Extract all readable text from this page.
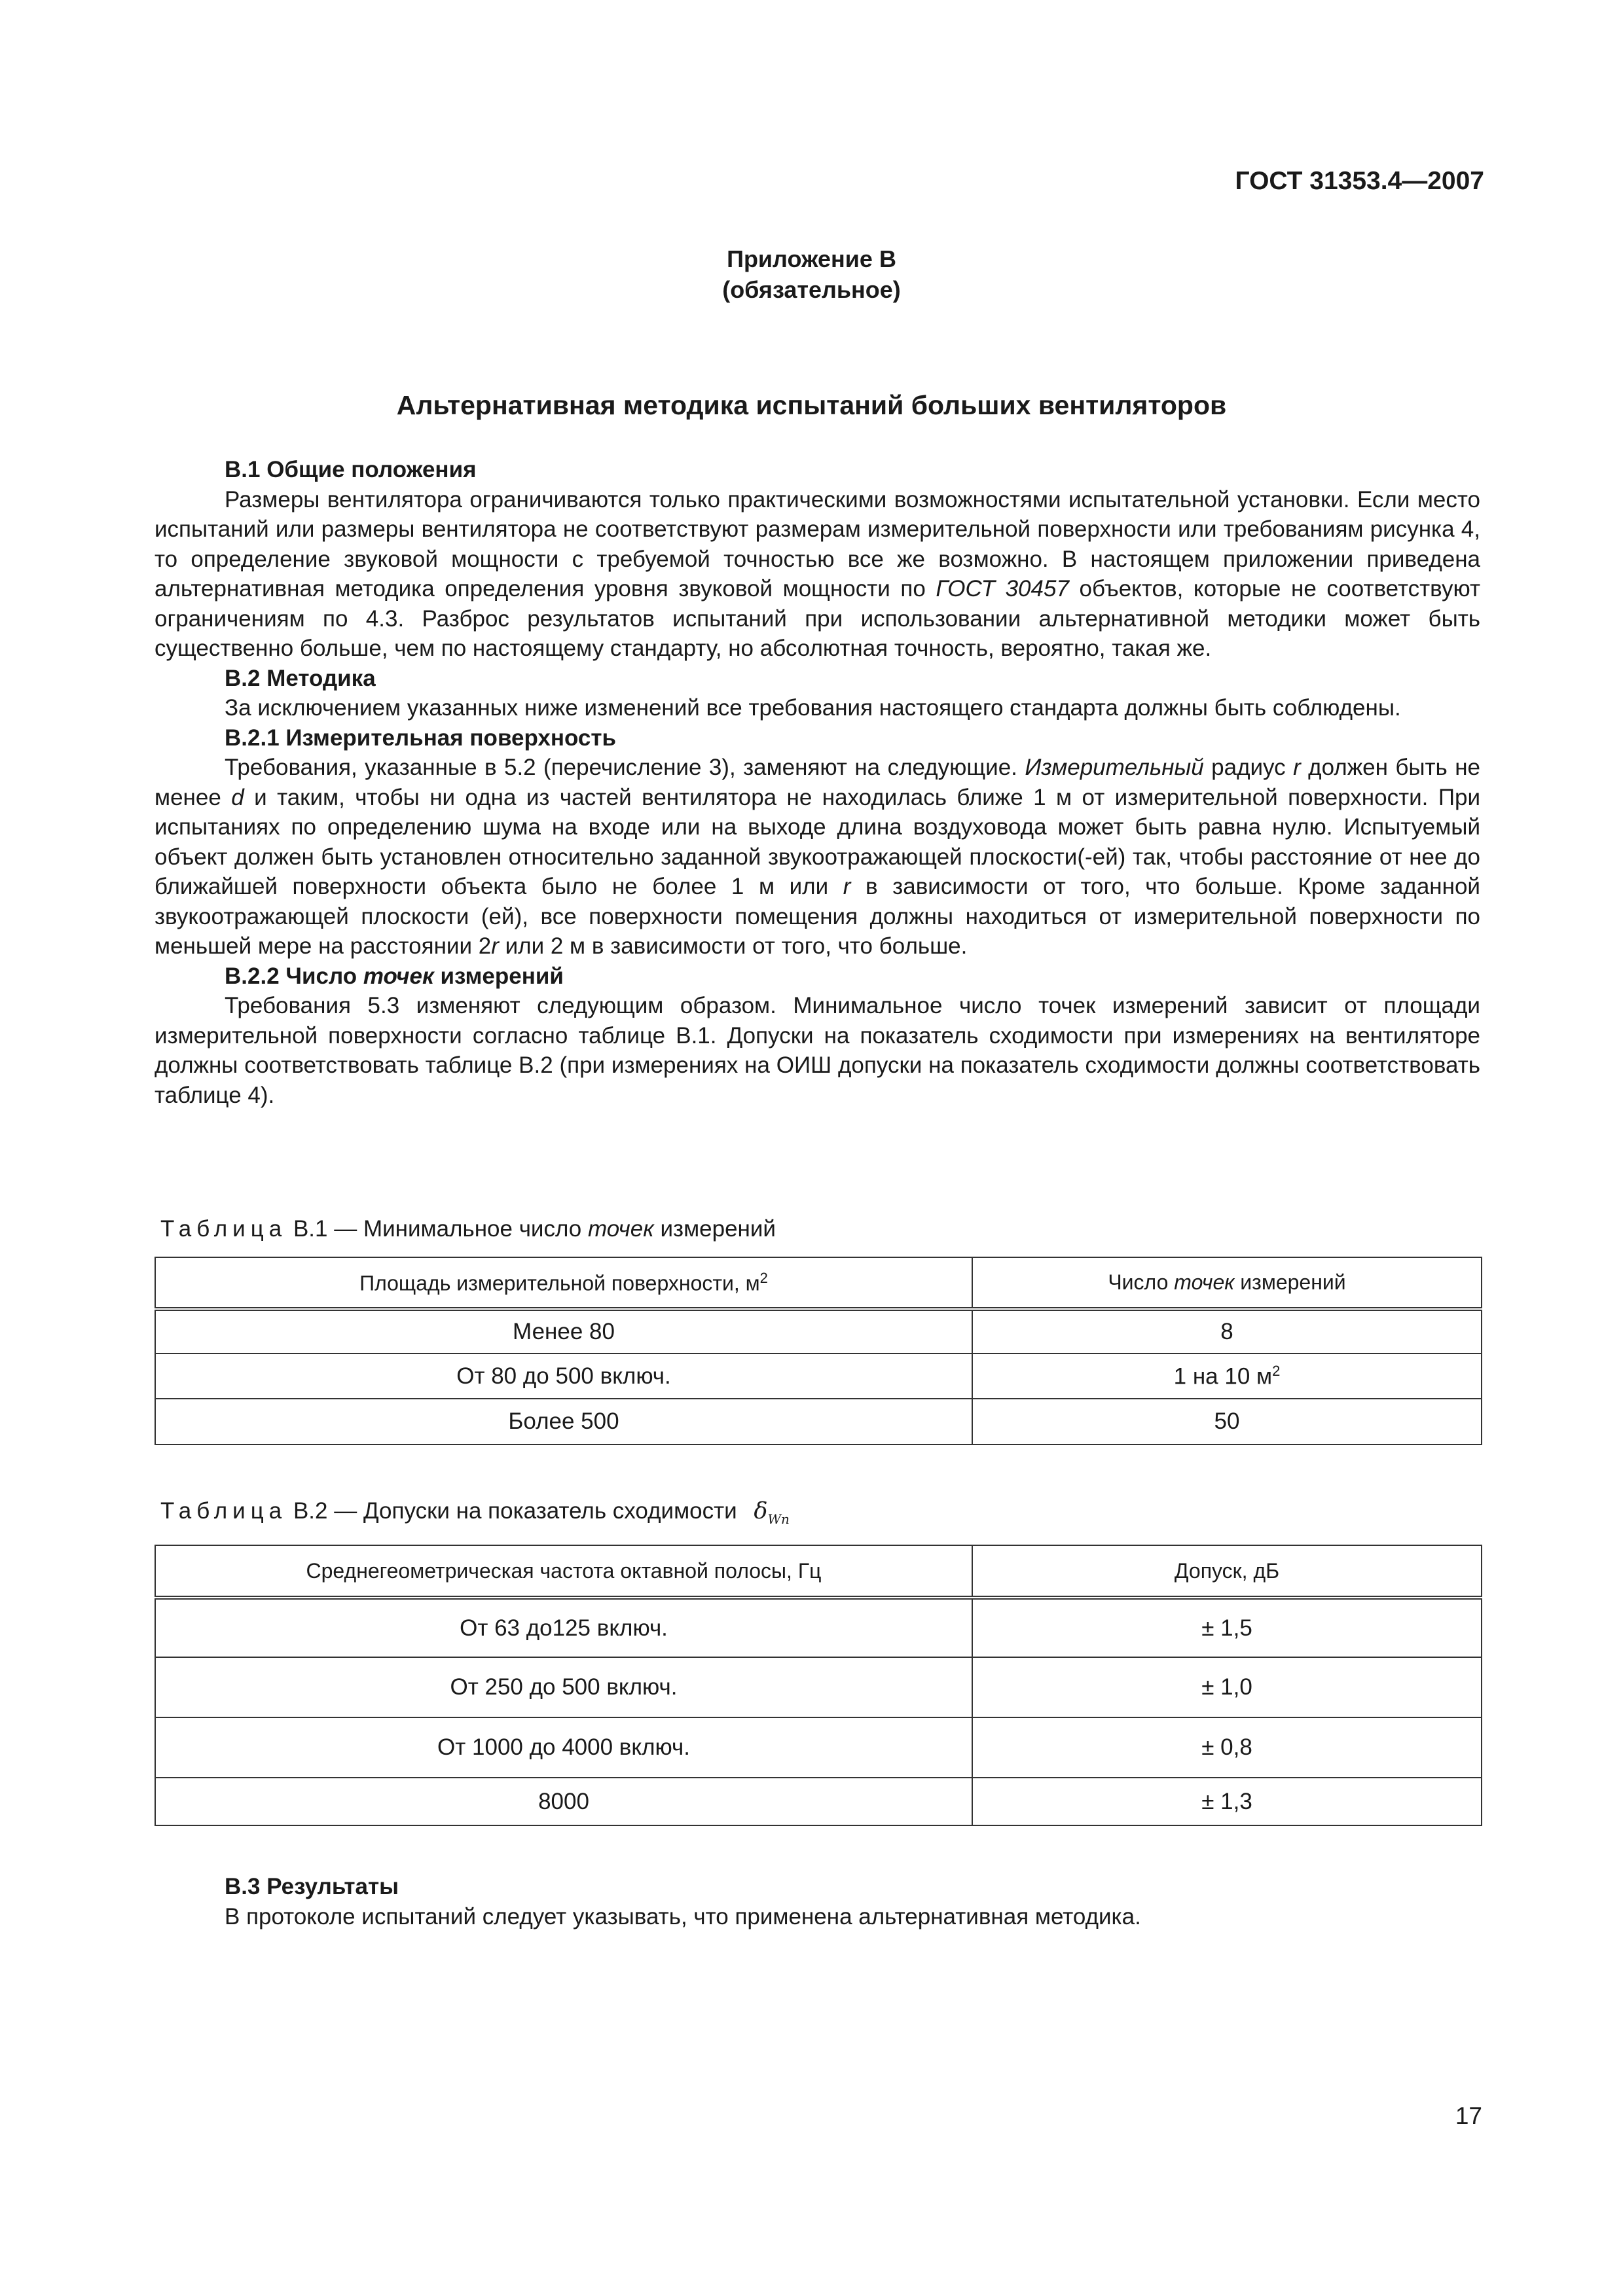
ГОСТ 31353.4—2007
Приложение В
(обязательное)
Альтернативная методика испытаний больших вентиляторов
В.1 Общие положения

Размеры вентилятора ограничиваются только практическими возможностями испытательной установки. Если место испытаний или размеры вентилятора не соответствуют размерам измерительной поверхности или требованиям рисунка 4, то определение звуковой мощности с требуемой точностью все же возможно. В настоящем приложении приведена альтернативная методика определения уровня звуковой мощности по ГОСТ 30457 объектов, которые не соответствуют ограничениям по 4.3. Разброс результатов испытаний при использовании альтернативной методики может быть существенно больше, чем по настоящему стандарту, но абсолютная точность, вероятно, такая же.

В.2 Методика

За исключением указанных ниже изменений все требования настоящего стандарта должны быть соблюдены.

В.2.1 Измерительная поверхность

Требования, указанные в 5.2 (перечисление 3), заменяют на следующие. Измерительный радиус r должен быть не менее d и таким, чтобы ни одна из частей вентилятора не находилась ближе 1 м от измерительной поверхности. При испытаниях по определению шума на входе или на выходе длина воздуховода может быть равна нулю. Испытуемый объект должен быть установлен относительно заданной звукоотражающей плоскости(-ей) так, чтобы расстояние от нее до ближайшей поверхности объекта было не более 1 м или r в зависимости от того, что больше. Кроме заданной звукоотражающей плоскости (ей), все поверхности помещения должны находиться от измерительной поверхности по меньшей мере на расстоянии 2r или 2 м в зависимости от того, что больше.

В.2.2 Число точек измерений

Требования 5.3 изменяют следующим образом. Минимальное число точек измерений зависит от площади измерительной поверхности согласно таблице В.1. Допуски на показатель сходимости при измерениях на вентиляторе должны соответствовать таблице В.2 (при измерениях на ОИШ допуски на показатель сходимости должны соответствовать таблице 4).

Таблица В.1 — Минимальное число точек измерений
Площадь измерительной поверхности, $м^2$	Число точек измерений
Менее 80	8
От 80 до 500 включ.	1 на 10 $м^2$
Более 500	50
Таблица В.2 — Допуски на показатель сходимости $\delta_{Wn}$
Среднегеометрическая частота октавной полосы, Гц	Допуск, дБ
От 63 до125 включ.	± 1,5
От 250 до 500 включ.	± 1,0
От 1000 до 4000 включ.	± 0,8
8000	± 1,3
В.3 Результаты

В протоколе испытаний следует указывать, что применена альтернативная методика.

17
